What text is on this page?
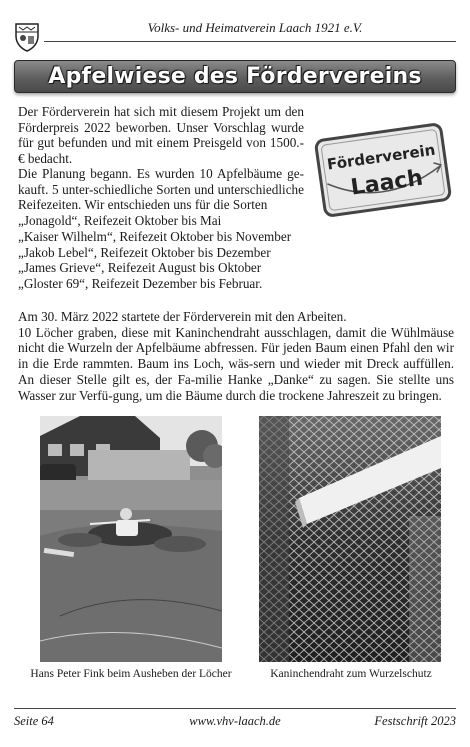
Volks- und Heimatverein Laach 1921 e.V.
Apfelwiese des Fördervereins
Der Förderverein hat sich mit diesem Projekt um den Förderpreis 2022 beworben. Unser Vorschlag wurde für gut befunden und mit einem Preisgeld von 1500.-€ bedacht.
Die Planung begann. Es wurden 10 Apfelbäume ge-kauft. 5 unter-schiedliche Sorten und unterschiedliche Reifezeiten. Wir entschieden uns für die Sorten
„Jonagold“, Reifezeit Oktober bis Mai
„Kaiser Wilhelm“, Reifezeit Oktober bis November
„Jakob Lebel“, Reifezeit Oktober bis Dezember
„James Grieve“, Reifezeit August bis Oktober
„Gloster 69“, Reifezeit Dezember bis Februar.
Förderverein
Laach
Am 30. März 2022 startete der Förderverein mit den Arbeiten.
10 Löcher graben, diese mit Kaninchendraht ausschlagen, damit die Wühlmäuse nicht die Wurzeln der Apfelbäume abfressen. Für jeden Baum einen Pfahl den wir in die Erde rammten. Baum ins Loch, wäs-sern und wieder mit Dreck auffüllen. An dieser Stelle gilt es, der Fa-milie Hanke „Danke“ zu sagen. Sie stellte uns Wasser zur Verfü-gung, um die Bäume durch die trockene Jahreszeit zu bringen.
Hans Peter Fink beim Ausheben der Löcher	Kaninchendraht zum Wurzelschutz
Seite 64	www.vhv-laach.de	Festschrift 2023
